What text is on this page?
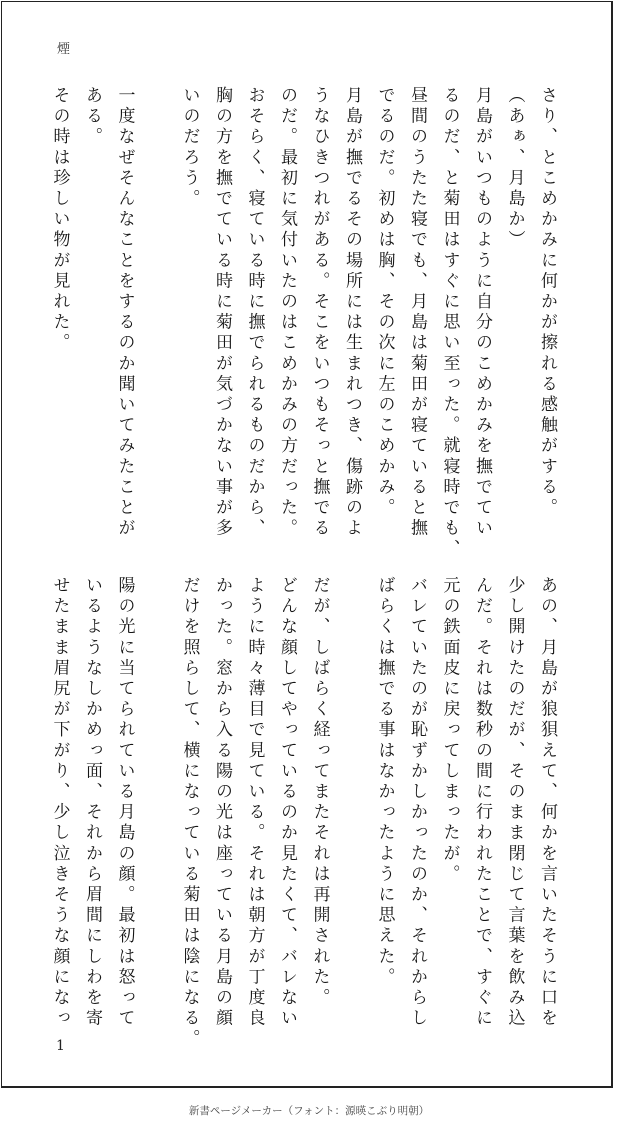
煙
さり、とこめかみに何かが擦れる感触がする。
（あぁ、月島か）
月島がいつものように自分のこめかみを撫でてい
るのだ、と菊田はすぐに思い至った。就寝時でも、
昼間のうたた寝でも、月島は菊田が寝ていると撫
でるのだ。初めは胸、その次に左のこめかみ。
月島が撫でるその場所には生まれつき、傷跡のよ
うなひきつれがある。そこをいつもそっと撫でる
のだ。最初に気付いたのはこめかみの方だった。
おそらく、寝ている時に撫でられるものだから、
胸の方を撫でている時に菊田が気づかない事が多
いのだろう。
一度なぜそんなことをするのか聞いてみたことが
ある。
その時は珍しい物が見れた。
あの、月島が狼狽えて、何かを言いたそうに口を
少し開けたのだが、そのまま閉じて言葉を飲み込
んだ。それは数秒の間に行われたことで、すぐに
元の鉄面皮に戻ってしまったが。
バレていたのが恥ずかしかったのか、それからし
ばらくは撫でる事はなかったように思えた。
だが、しばらく経ってまたそれは再開された。
どんな顔してやっているのか見たくて、バレない
ように時々薄目で見ている。それは朝方が丁度良
かった。窓から入る陽の光は座っている月島の顔
だけを照らして、横になっている菊田は陰になる。
陽の光に当てられている月島の顔。最初は怒って
いるようなしかめっ面、それから眉間にしわを寄
せたまま眉尻が下がり、少し泣きそうな顔になっ
1
新書ページメーカー（フォント：源暎こぶり明朝）
